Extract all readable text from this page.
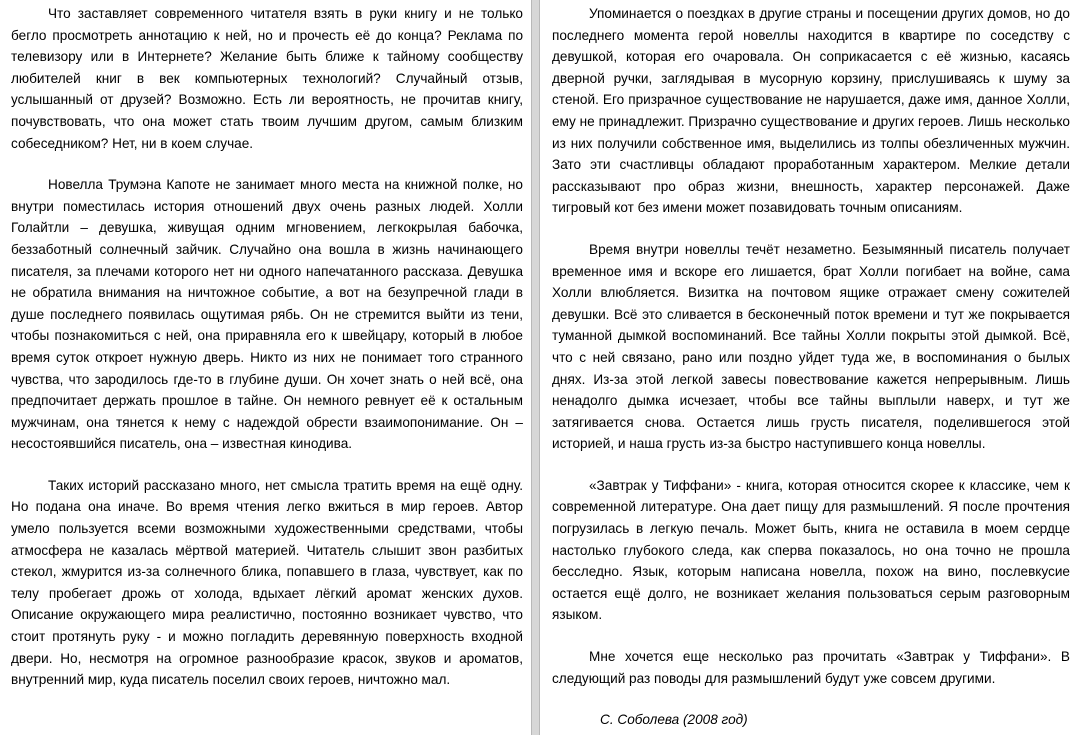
Что заставляет современного читателя взять в руки книгу и не только бегло просмотреть аннотацию к ней, но и прочесть её до конца? Реклама по телевизору или в Интернете? Желание быть ближе к тайному сообществу любителей книг в век компьютерных технологий? Случайный отзыв, услышанный от друзей? Возможно. Есть ли вероятность, не прочитав книгу, почувствовать, что она может стать твоим лучшим другом, самым близким собеседником? Нет, ни в коем случае.

Новелла Трумэна Капоте не занимает много места на книжной полке, но внутри поместилась история отношений двух очень разных людей. Холли Голайтли – девушка, живущая одним мгновением, легкокрылая бабочка, беззаботный солнечный зайчик. Случайно она вошла в жизнь начинающего писателя, за плечами которого нет ни одного напечатанного рассказа. Девушка не обратила внимания на ничтожное событие, а вот на безупречной глади в душе последнего появилась ощутимая рябь. Он не стремится выйти из тени, чтобы познакомиться с ней, она приравняла его к швейцару, который в любое время суток откроет нужную дверь. Никто из них не понимает того странного чувства, что зародилось где-то в глубине души. Он хочет знать о ней всё, она предпочитает держать прошлое в тайне. Он немного ревнует её к остальным мужчинам, она тянется к нему с надеждой обрести взаимопонимание. Он – несостоявшийся писатель, она – известная кинодива.

Таких историй рассказано много, нет смысла тратить время на ещё одну. Но подана она иначе. Во время чтения легко вжиться в мир героев. Автор умело пользуется всеми возможными художественными средствами, чтобы атмосфера не казалась мёртвой материей. Читатель слышит звон разбитых стекол, жмурится из-за солнечного блика, попавшего в глаза, чувствует, как по телу пробегает дрожь от холода, вдыхает лёгкий аромат женских духов. Описание окружающего мира реалистично, постоянно возникает чувство, что стоит протянуть руку - и можно погладить деревянную поверхность входной двери. Но, несмотря на огромное разнообразие красок, звуков и ароматов, внутренний мир, куда писатель поселил своих героев, ничтожно мал.

Упоминается о поездках в другие страны и посещении других домов, но до последнего момента герой новеллы находится в квартире по соседству с девушкой, которая его очаровала. Он соприкасается с её жизнью, касаясь дверной ручки, заглядывая в мусорную корзину, прислушиваясь к шуму за стеной. Его призрачное существование не нарушается, даже имя, данное Холли, ему не принадлежит. Призрачно существование и других героев. Лишь несколько из них получили собственное имя, выделились из толпы обезличенных мужчин. Зато эти счастливцы обладают проработанным характером. Мелкие детали рассказывают про образ жизни, внешность, характер персонажей. Даже тигровый кот без имени может позавидовать точным описаниям.

Время внутри новеллы течёт незаметно. Безымянный писатель получает временное имя и вскоре его лишается, брат Холли погибает на войне, сама Холли влюбляется. Визитка на почтовом ящике отражает смену сожителей девушки. Всё это сливается в бесконечный поток времени и тут же покрывается туманной дымкой воспоминаний. Все тайны Холли покрыты этой дымкой. Всё, что с ней связано, рано или поздно уйдет туда же, в воспоминания о былых днях. Из-за этой легкой завесы повествование кажется непрерывным. Лишь ненадолго дымка исчезает, чтобы все тайны выплыли наверх, и тут же затягивается снова. Остается лишь грусть писателя, поделившегося этой историей, и наша грусть из-за быстро наступившего конца новеллы.

«Завтрак у Тиффани» - книга, которая относится скорее к классике, чем к современной литературе. Она дает пищу для размышлений. Я после прочтения погрузилась в легкую печаль. Может быть, книга не оставила в моем сердце настолько глубокого следа, как сперва показалось, но она точно не прошла бесследно. Язык, которым написана новелла, похож на вино, послевкусие остается ещё долго, не возникает желания пользоваться серым разговорным языком.

Мне хочется еще несколько раз прочитать «Завтрак у Тиффани». В следующий раз поводы для размышлений будут уже совсем другими.

С. Соболева (2008 год)
